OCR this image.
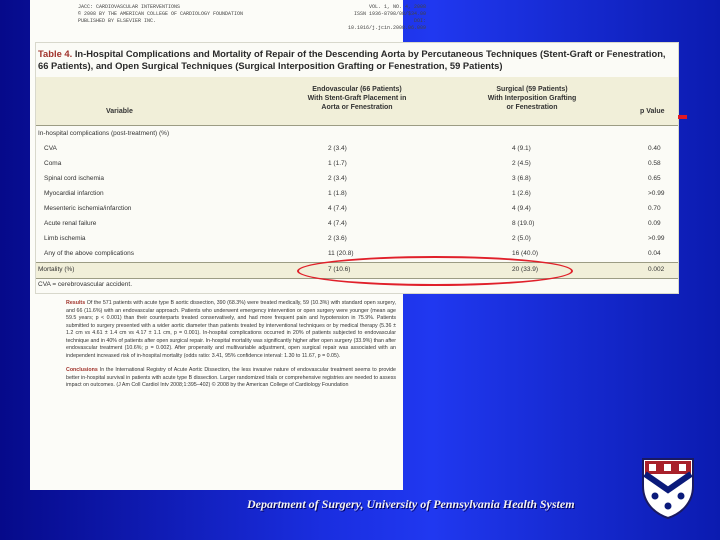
JACC: CARDIOVASCULAR INTERVENTIONS
© 2008 BY THE AMERICAN COLLEGE OF CARDIOLOGY FOUNDATION
PUBLISHED BY ELSEVIER INC.
VOL. 1, NO. 4, 2008
ISSN 1936-8798/08/$34.00
DOI: 10.1016/j.jcin.2008.06.009

Results Of the 571 patients with acute type B aortic dissection, 390 (68.3%) were treated medically, 59 (10.3%) with standard open surgery, and 66 (11.6%) with an endovascular approach. Patients who underwent emergency intervention or open surgery were younger (mean age 59.5 years; p < 0.001) than their counterparts treated conservatively, and had more frequent pain and hypotension in 75.9%. Patients submitted to surgery presented with a wider aortic diameter than patients treated by interventional techniques or by medical therapy (5.36 ± 1.2 cm vs 4.61 ± 1.4 cm vs 4.17 ± 1.1 cm, p = 0.001). In-hospital complications occurred in 20% of patients subjected to endovascular technique and in 40% of patients after open surgical repair. In-hospital mortality was significantly higher after open surgery (33.9%) than after endovascular treatment (10.6%; p = 0.002). After propensity and multivariable adjustment, open surgical repair was associated with an independent increased risk of in-hospital mortality (odds ratio: 3.41, 95% confidence interval: 1.30 to 11.67, p = 0.05).

Conclusions In the International Registry of Acute Aortic Dissection, the less invasive nature of endovascular treatment seems to provide better in-hospital survival in patients with acute type B dissection. Larger randomized trials or comprehensive registries are needed to assess impact on outcomes. (J Am Coll Cardiol Intv 2008;1:395–402) © 2008 by the American College of Cardiology Foundation

Table 4. In-Hospital Complications and Mortality of Repair of the Descending Aorta by Percutaneous Techniques (Stent-Graft or Fenestration, 66 Patients), and Open Surgical Techniques (Surgical Interposition Grafting or Fenestration, 59 Patients)
Variable
Endovascular (66 Patients)
With Stent-Graft Placement in
Aorta or Fenestration
Surgical (59 Patients)
With Interposition Grafting
or Fenestration
p Value
In-hospital complications (post-treatment) (%)
CVA	2 (3.4)	4 (9.1)	0.40
Coma	1 (1.7)	2 (4.5)	0.58
Spinal cord ischemia	2 (3.4)	3 (6.8)	0.65
Myocardial infarction	1 (1.8)	1 (2.6)	>0.99
Mesenteric ischemia/infarction	4 (7.4)	4 (9.4)	0.70
Acute renal failure	4 (7.4)	8 (19.0)	0.09
Limb ischemia	2 (3.6)	2 (5.0)	>0.99
Any of the above complications	11 (20.8)	16 (40.0)	0.04
Mortality (%)	7 (10.6)	20 (33.9)	0.002
CVA = cerebrovascular accident.
Department of Surgery, University of Pennsylvania Health System
